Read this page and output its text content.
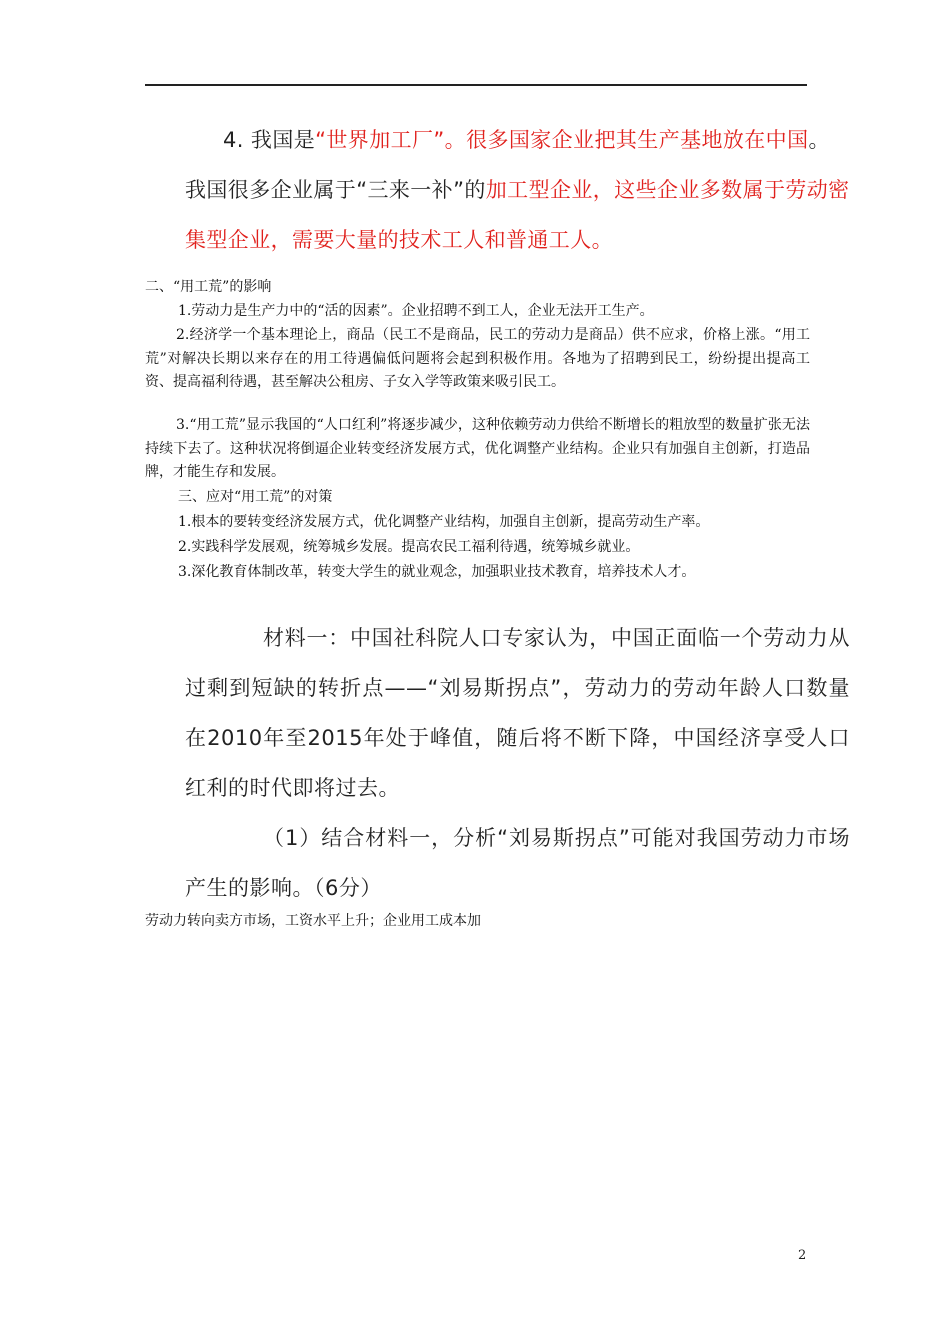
4. 我国是“世界加工厂”。很多国家企业把其生产基地放在中国。
我国很多企业属于“三来一补”的加工型企业，这些企业多数属于劳动密集型企业，需要大量的技术工人和普通工人。
二、“用工荒”的影响
1.劳动力是生产力中的“活的因素”。企业招聘不到工人，企业无法开工生产。
2.经济学一个基本理论上，商品（民工不是商品，民工的劳动力是商品）供不应求，价格上涨。“用工荒”对解决长期以来存在的用工待遇偏低问题将会起到积极作用。各地为了招聘到民工，纷纷提出提高工资、提高福利待遇，甚至解决公租房、子女入学等政策来吸引民工。
3.“用工荒”显示我国的“人口红利”将逐步减少，这种依赖劳动力供给不断增长的粗放型的数量扩张无法持续下去了。这种状况将倒逼企业转变经济发展方式，优化调整产业结构。企业只有加强自主创新，打造品牌，才能生存和发展。
三、应对“用工荒”的对策
1.根本的要转变经济发展方式，优化调整产业结构，加强自主创新，提高劳动生产率。
2.实践科学发展观，统筹城乡发展。提高农民工福利待遇，统筹城乡就业。
3.深化教育体制改革，转变大学生的就业观念，加强职业技术教育，培养技术人才。
材料一：中国社科院人口专家认为，中国正面临一个劳动力从过剩到短缺的转折点——“刘易斯拐点”，劳动力的劳动年龄人口数量在2010年至2015年处于峰值，随后将不断下降，中国经济享受人口红利的时代即将过去。
（1）结合材料一，分析“刘易斯拐点”可能对我国劳动力市场产生的影响。（6分）
劳动力转向卖方市场，工资水平上升；企业用工成本加
2
